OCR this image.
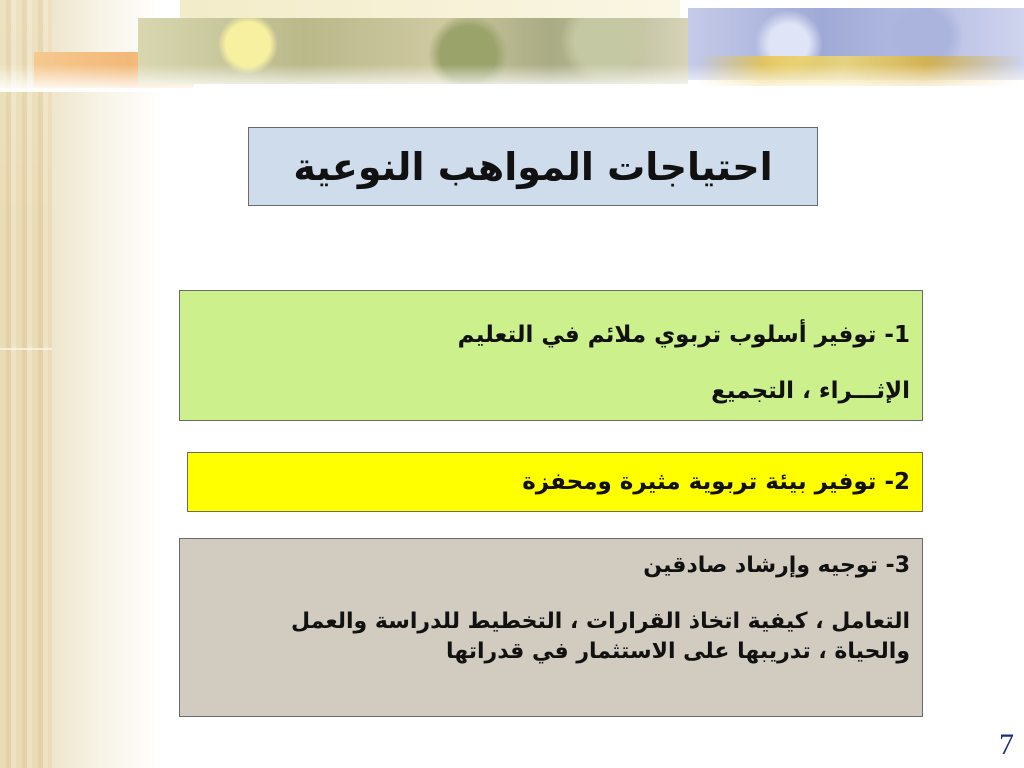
احتياجات المواهب النوعية

1- توفير أسلوب تربوي ملائم في التعليم

الإثـــراء ، التجميع

2- توفير بيئة تربوية مثيرة ومحفزة

3- توجيه وإرشاد صادقين

التعامل ، كيفية اتخاذ القرارات ، التخطيط للدراسة والعمل

والحياة ، تدريبها على الاستثمار في قدراتها

7
